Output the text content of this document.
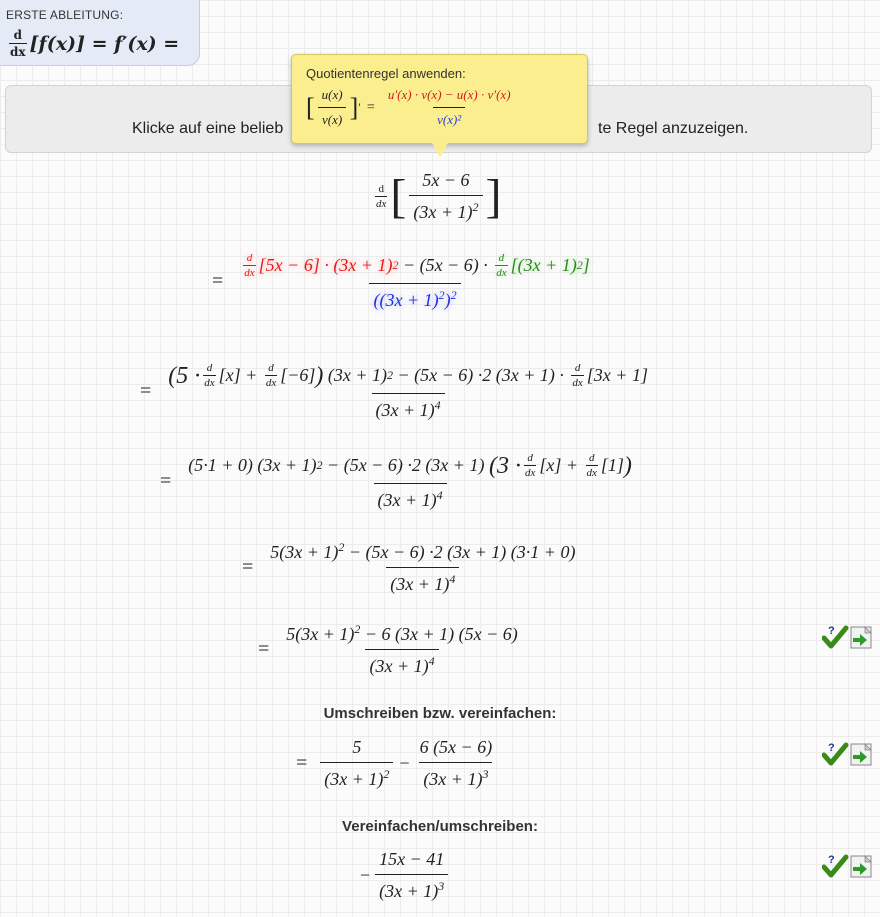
ERSTE ABLEITUNG:
$\frac{d}{dx} [f(x)] = f'(x)$ =
Klicke auf eine belieb	te Regel anzuzeigen.
Quotientenregel anwenden:
[ $\frac{u(x)}{v(x)}$ ] ′ = $\frac{u'(x) \cdot v(x) - u(x) \cdot v'(x)}{\text{v(x)²}}$
$\frac{d}{dx}$ [ $\frac{5x - 6}{(3x + 1)^2}$ ]
=
$\frac{d}{dx} [5x - 6] \cdot (3x + 1) 2 - (5x - 6) \cdot \frac{d}{dx} [(3x + 1)$ 2 ]
$((3x + 1)^2)^2$
=
($5 \cdot \frac{d}{dx} [x] + \frac{d}{dx} [-6]$ ) (3x + 1) 2 − (5x − 6) ·2 $(3x + 1) \cdot \frac{d}{dx} [3x + 1]$
$(3x + 1)^4$
=
(5·1 + 0) (3x + 1) 2 − (5x − 6) ·2 (3x + 1) ($3 \cdot \frac{d}{dx} [x] + \frac{d}{dx} [1]$ )
$(3x + 1)^4$
= $\frac{5(3x + 1)^2 - (5x - 6) \cdot 2 (3x + 1) (3\cdot 1 + 0)}{(3x + 1)^4}$
= $\frac{5(3x + 1)^2 - 6 (3x + 1) (5x - 6)}{(3x + 1)^4}$
Umschreiben bzw. vereinfachen:
= $\frac{5}{(3x + 1)^2} - \frac{6 (5x - 6)}{(3x + 1)^3}$
Vereinfachen/umschreiben:
− $\frac{15x - 41}{(3x + 1)^3}$
?
?
?
